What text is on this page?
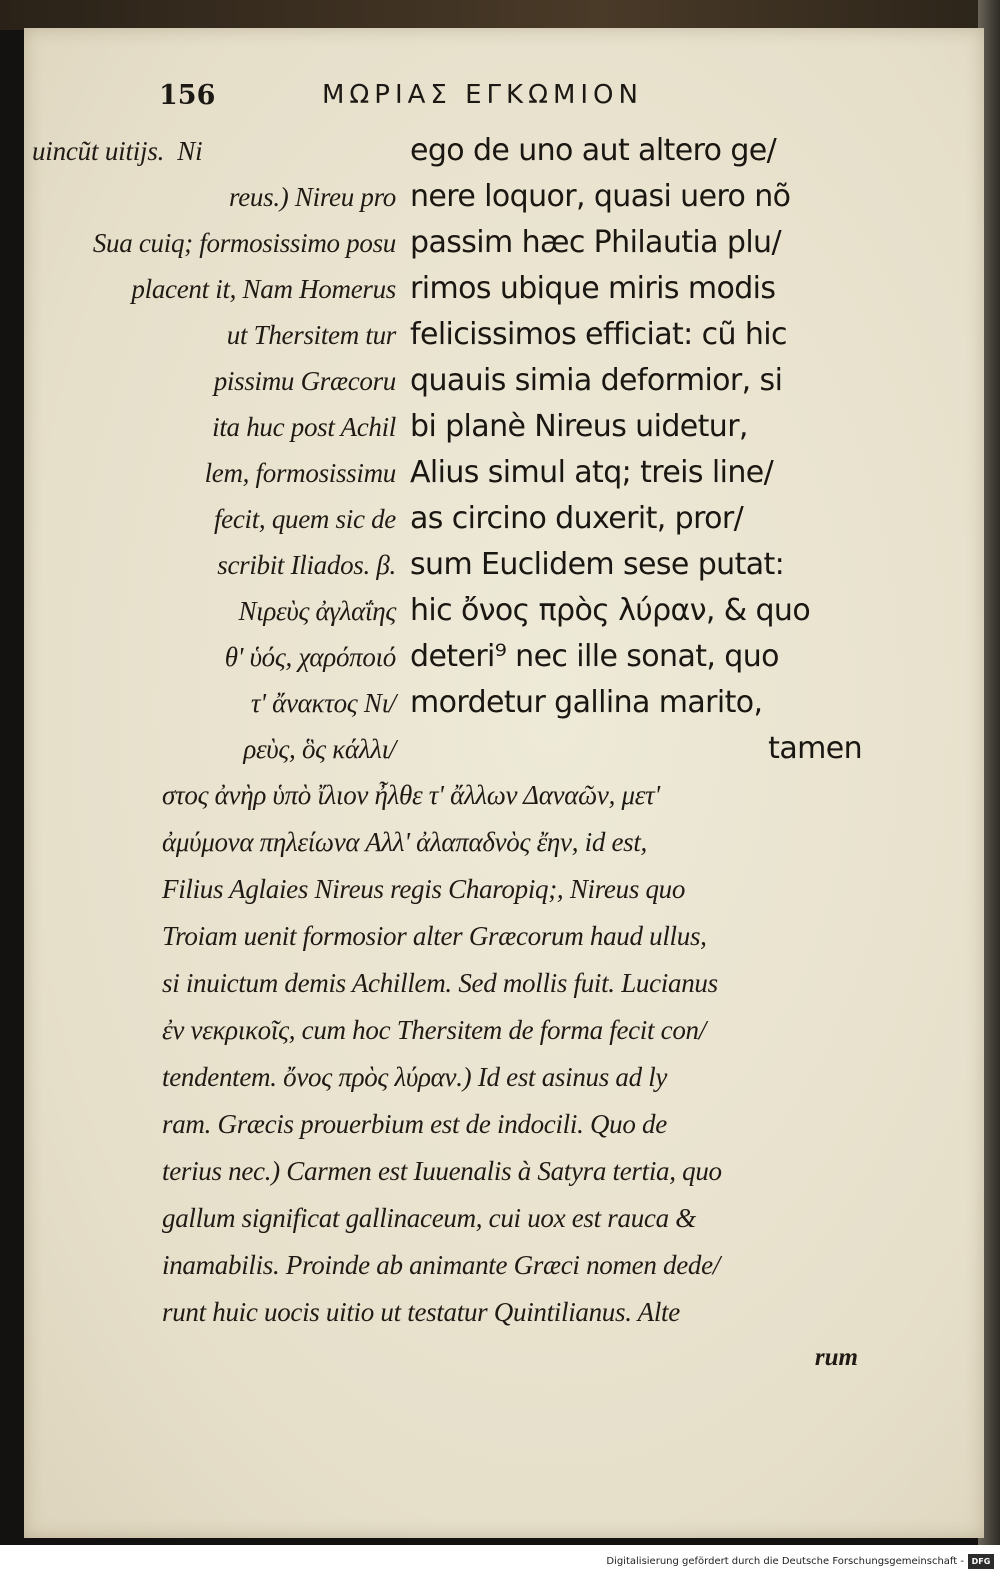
156	ΜΩΡΙΑΣ ΕΓΚΩΜΙΟΝ
uincũt uitijs.  Ni
reus.) Nireu pro
Sua cuiq; formosissimo posu
placent it, Nam Homerus
ut Thersitem tur
pissimu Græcoru
ita huc post Achil
lem, formosissimu
fecit, quem sic de
scribit Iliados. β.
Νιρεὺς ἀγλαΐης
θ' ὑός, χαρόποιό
τ' ἄνακτος Νι/
ρεὺς, ὃς κάλλι/
ego de uno aut altero ge/
nere loquor, quasi uero nõ
passim hæc Philautia plu/
rimos ubique miris modis
felicissimos efficiat: cũ hic
quauis simia deformior, si
bi planè Nireus uidetur,
Alius simul atq; treis line/
as circino duxerit, pror/
sum Euclidem sese putat:
hic ὄνος πρὸς λύραν, & quo
deteri⁹ nec ille sonat, quo
mordetur gallina marito,
tamen
στος ἀνὴρ ὑπὸ ἴλιον ἦλθε τ' ἄλλων Δαναῶν, μετ'
ἀμύμονα πηλείωνα Αλλ' ἀλαπαδνὸς ἔην, id est,
Filius Aglaies Nireus regis Charopiq;, Nireus quo
Troiam uenit formosior alter Græcorum haud ullus,
si inuictum demis Achillem. Sed mollis fuit. Lucianus
ἐν νεκρικοῖς, cum hoc Thersitem de forma fecit con/
tendentem. ὄνος πρὸς λύραν.) Id est asinus ad ly
ram. Græcis prouerbium est de indocili. Quo de
terius nec.) Carmen est Iuuenalis à Satyra tertia, quo
gallum significat gallinaceum, cui uox est rauca &
inamabilis. Proinde ab animante Græci nomen dede/
runt huic uocis uitio ut testatur Quintilianus. Alte
rum
Digitalisierung gefördert durch die Deutsche Forschungsgemeinschaft - DFG
